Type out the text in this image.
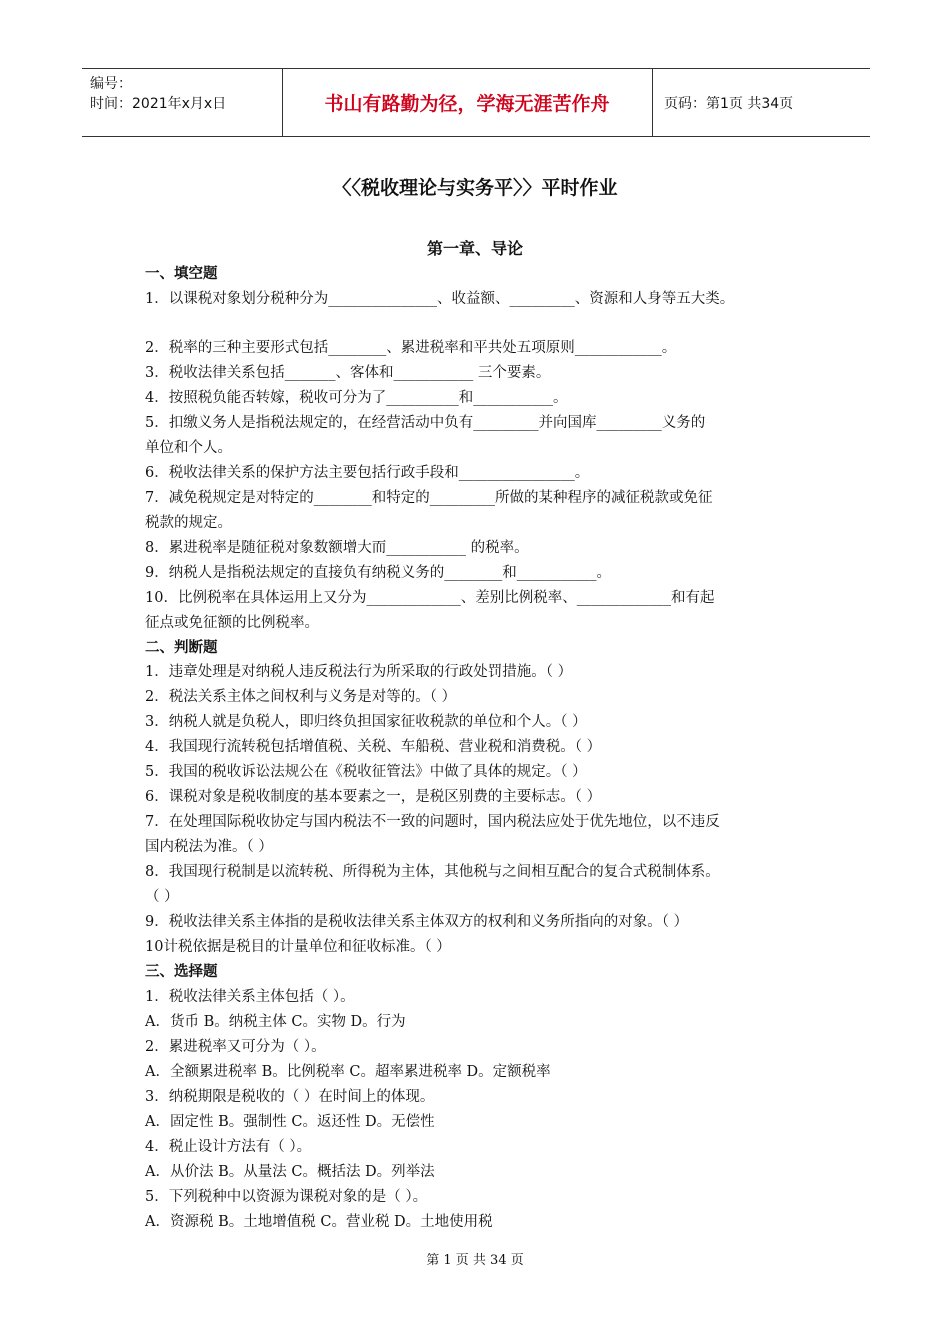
编号：
时间：2021年x月x日	书山有路勤为径，学海无涯苦作舟	页码：第1页 共34页
〈〈税收理论与实务平〉〉平时作业
第一章、导论
一、填空题
1．以课税对象划分税种分为_______________、收益额、_________、资源和人身等五大类。
2．税率的三种主要形式包括________、累进税率和平共处五项原则____________。
3．税收法律关系包括_______、客体和___________ 三个要素。
4．按照税负能否转嫁，税收可分为了__________和___________。
5．扣缴义务人是指税法规定的，在经营活动中负有_________并向国库_________义务的
单位和个人。
6．税收法律关系的保护方法主要包括行政手段和________________。
7．减免税规定是对特定的________和特定的_________所做的某种程序的减征税款或免征
税款的规定。
8．累进税率是随征税对象数额增大而___________ 的税率。
9．纳税人是指税法规定的直接负有纳税义务的________和___________。
10．比例税率在具体运用上又分为_____________、差别比例税率、_____________和有起
征点或免征额的比例税率。
二、判断题
1．违章处理是对纳税人违反税法行为所采取的行政处罚措施。（ ）
2．税法关系主体之间权利与义务是对等的。（ ）
3．纳税人就是负税人，即归终负担国家征收税款的单位和个人。（ ）
4．我国现行流转税包括增值税、关税、车船税、营业税和消费税。（ ）
5．我国的税收诉讼法规公在《税收征管法》中做了具体的规定。（ ）
6．课税对象是税收制度的基本要素之一，是税区别费的主要标志。（ ）
7．在处理国际税收协定与国内税法不一致的问题时，国内税法应处于优先地位，以不违反
国内税法为准。（ ）
8．我国现行税制是以流转税、所得税为主体，其他税与之间相互配合的复合式税制体系。
（ ）
9．税收法律关系主体指的是税收法律关系主体双方的权利和义务所指向的对象。（ ）
10计税依据是税目的计量单位和征收标准。（ ）
三、选择题
1．税收法律关系主体包括（ ）。
A．货币 B。纳税主体 C。实物 D。行为
2．累进税率又可分为（ ）。
A．全额累进税率 B。比例税率 C。超率累进税率 D。定额税率
3．纳税期限是税收的（ ）在时间上的体现。
A．固定性 B。强制性 C。返还性 D。无偿性
4．税止设计方法有（ ）。
A．从价法 B。从量法 C。概括法 D。列举法
5．下列税种中以资源为课税对象的是（ ）。
A．资源税 B。土地增值税 C。营业税 D。土地使用税
第 1 页 共 34 页
